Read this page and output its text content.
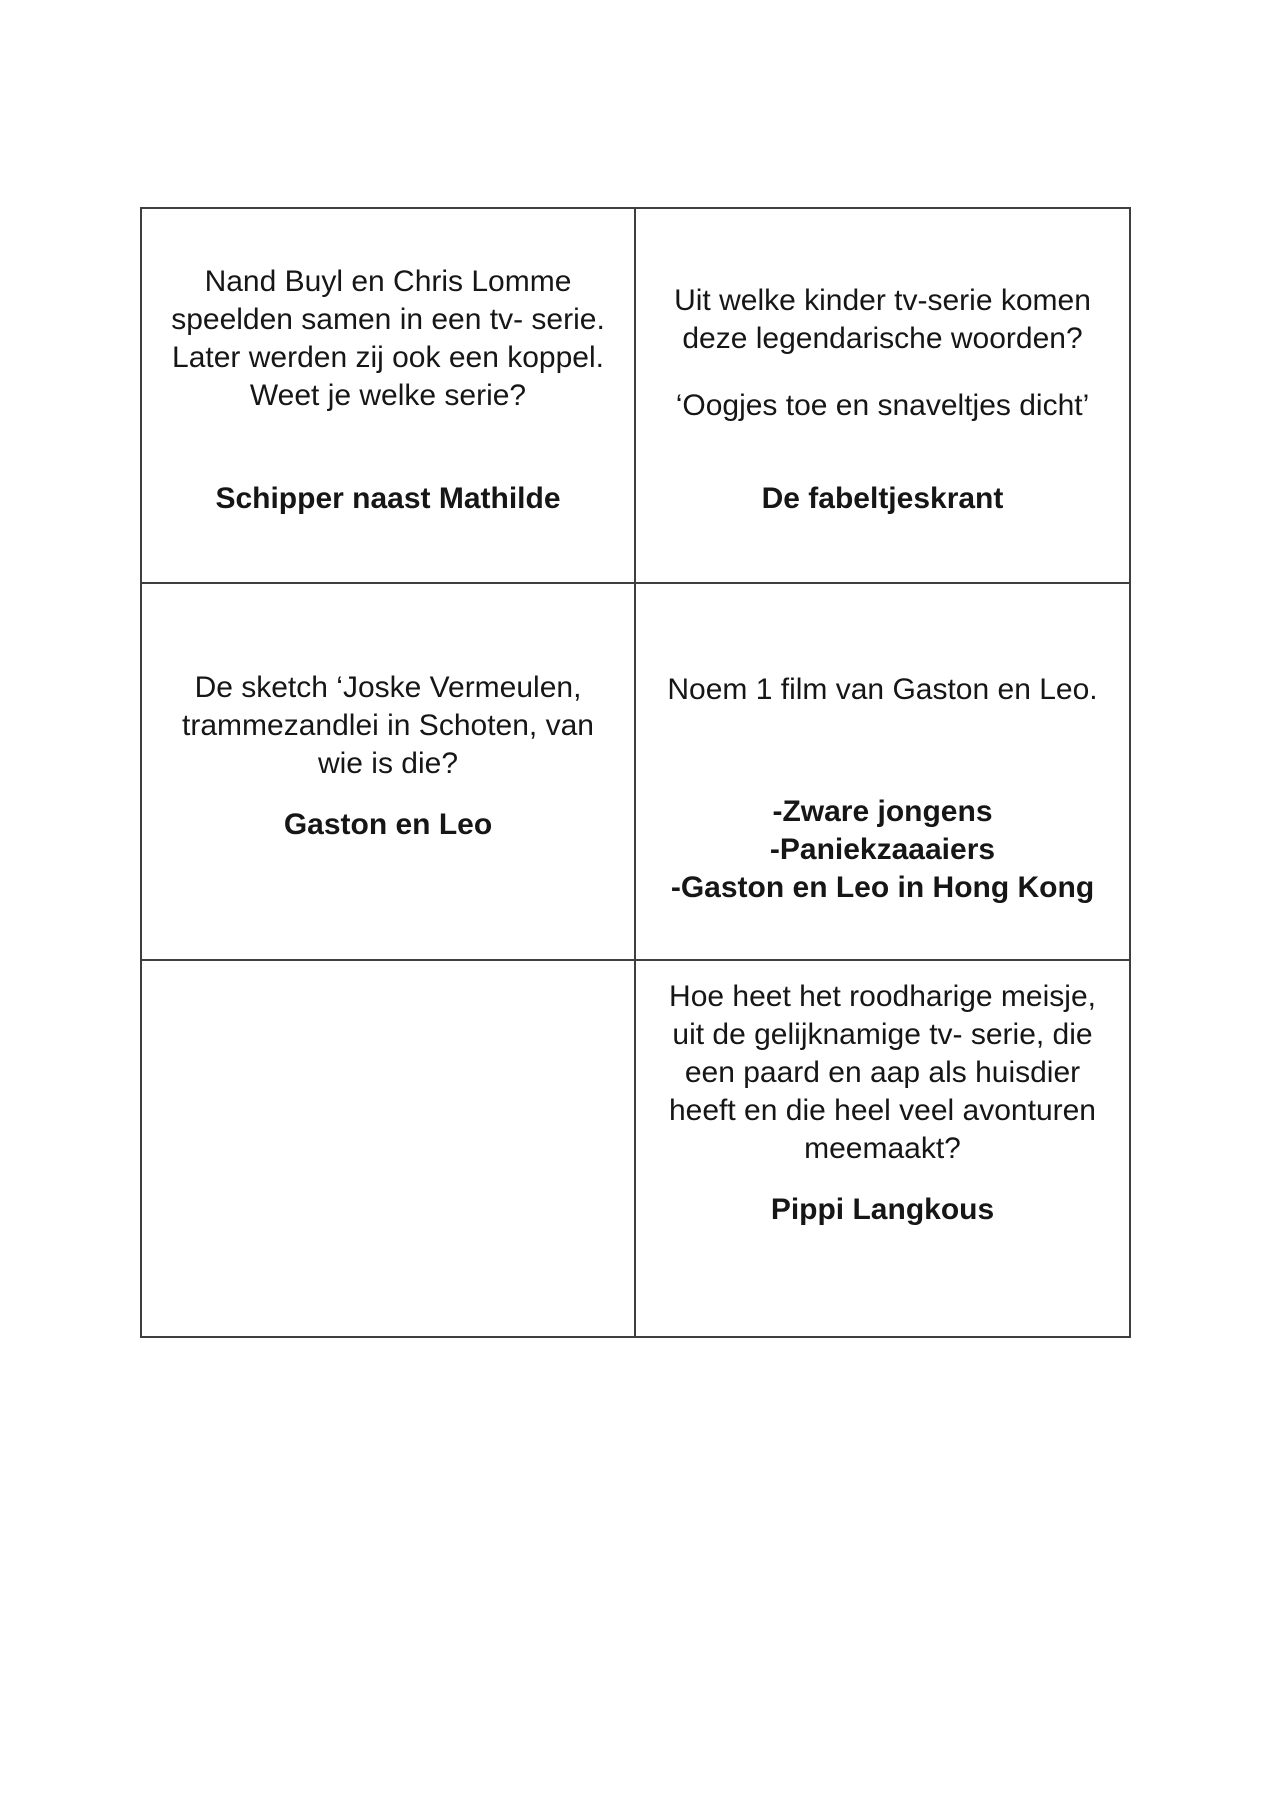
Nand Buyl en Chris Lomme
speelden samen in een tv- serie.
Later werden zij ook een koppel.
Weet je welke serie?
Schipper naast Mathilde
Uit welke kinder tv-serie komen
deze legendarische woorden?
‘Oogjes toe en snaveltjes dicht’
De fabeltjeskrant
De sketch ‘Joske Vermeulen,
trammezandlei in Schoten, van
wie is die?
Gaston en Leo
Noem 1 film van Gaston en Leo.
-Zware jongens
-Paniekzaaaiers
-Gaston en Leo in Hong Kong
Hoe heet het roodharige meisje,
uit de gelijknamige tv- serie, die
een paard en aap als huisdier
heeft en die heel veel avonturen
meemaakt?
Pippi Langkous
